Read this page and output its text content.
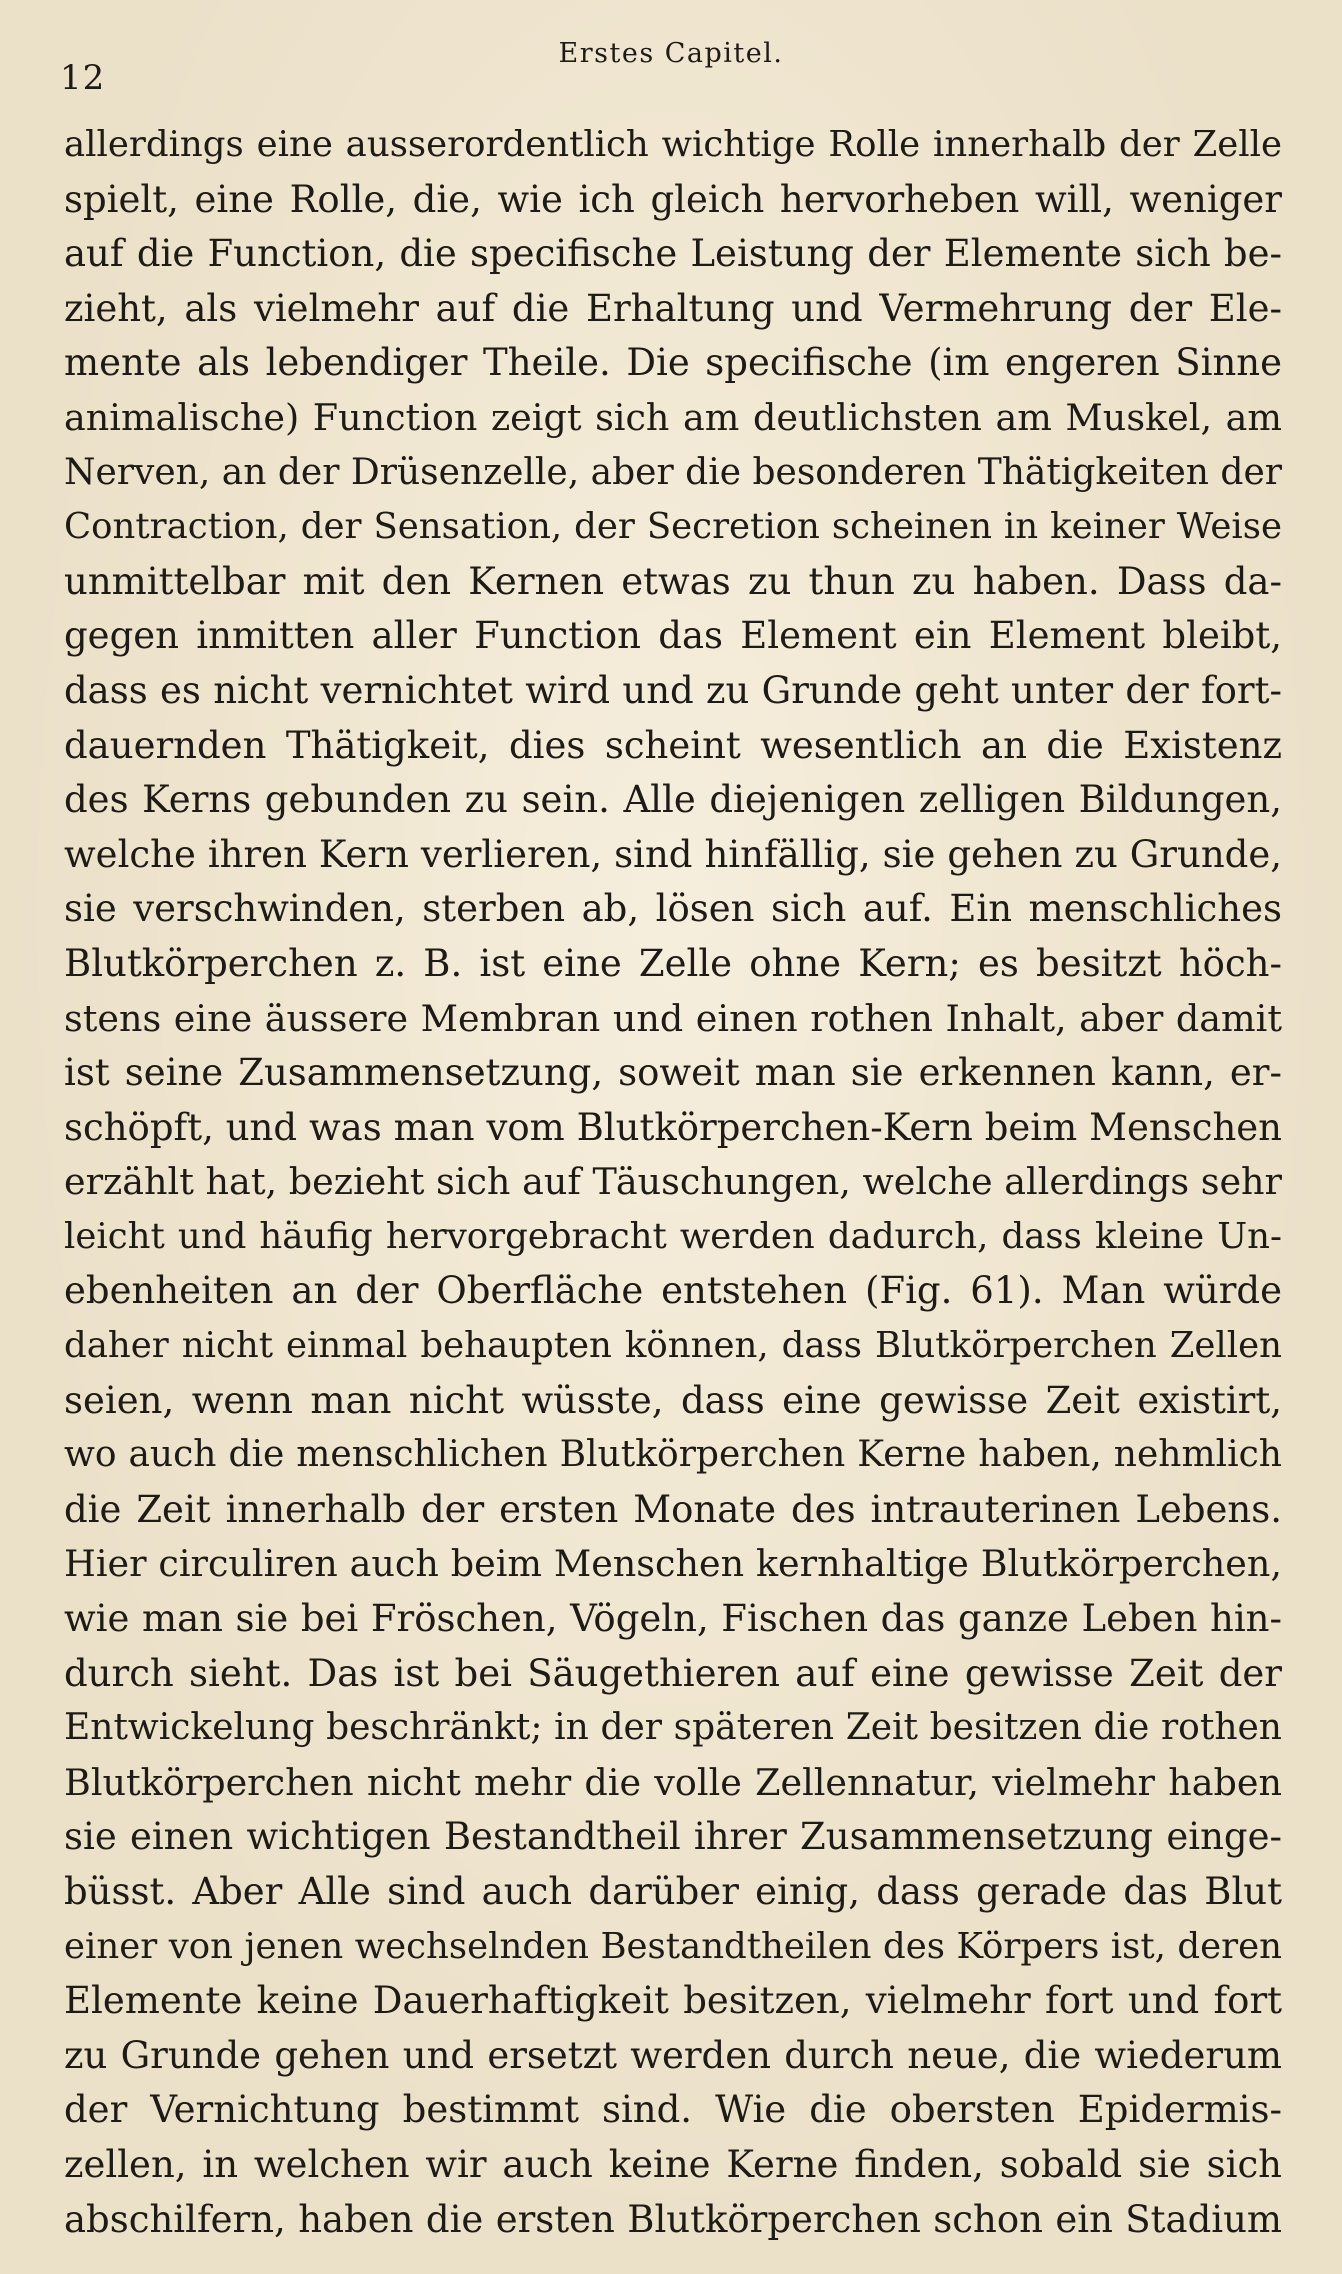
12
Erstes Capitel.
allerdings eine ausserordentlich wichtige Rolle innerhalb der Zelle
spielt, eine Rolle, die, wie ich gleich hervorheben will, weniger
auf die Function, die specifische Leistung der Elemente sich be-
zieht, als vielmehr auf die Erhaltung und Vermehrung der Ele-
mente als lebendiger Theile. Die specifische (im engeren Sinne
animalische) Function zeigt sich am deutlichsten am Muskel, am
Nerven, an der Drüsenzelle, aber die besonderen Thätigkeiten der
Contraction, der Sensation, der Secretion scheinen in keiner Weise
unmittelbar mit den Kernen etwas zu thun zu haben. Dass da-
gegen inmitten aller Function das Element ein Element bleibt,
dass es nicht vernichtet wird und zu Grunde geht unter der fort-
dauernden Thätigkeit, dies scheint wesentlich an die Existenz
des Kerns gebunden zu sein. Alle diejenigen zelligen Bildungen,
welche ihren Kern verlieren, sind hinfällig, sie gehen zu Grunde,
sie verschwinden, sterben ab, lösen sich auf. Ein menschliches
Blutkörperchen z. B. ist eine Zelle ohne Kern; es besitzt höch-
stens eine äussere Membran und einen rothen Inhalt, aber damit
ist seine Zusammensetzung, soweit man sie erkennen kann, er-
schöpft, und was man vom Blutkörperchen-Kern beim Menschen
erzählt hat, bezieht sich auf Täuschungen, welche allerdings sehr
leicht und häufig hervorgebracht werden dadurch, dass kleine Un-
ebenheiten an der Oberfläche entstehen (Fig. 61). Man würde
daher nicht einmal behaupten können, dass Blutkörperchen Zellen
seien, wenn man nicht wüsste, dass eine gewisse Zeit existirt,
wo auch die menschlichen Blutkörperchen Kerne haben, nehmlich
die Zeit innerhalb der ersten Monate des intrauterinen Lebens.
Hier circuliren auch beim Menschen kernhaltige Blutkörperchen,
wie man sie bei Fröschen, Vögeln, Fischen das ganze Leben hin-
durch sieht. Das ist bei Säugethieren auf eine gewisse Zeit der
Entwickelung beschränkt; in der späteren Zeit besitzen die rothen
Blutkörperchen nicht mehr die volle Zellennatur, vielmehr haben
sie einen wichtigen Bestandtheil ihrer Zusammensetzung einge-
büsst. Aber Alle sind auch darüber einig, dass gerade das Blut
einer von jenen wechselnden Bestandtheilen des Körpers ist, deren
Elemente keine Dauerhaftigkeit besitzen, vielmehr fort und fort
zu Grunde gehen und ersetzt werden durch neue, die wiederum
der Vernichtung bestimmt sind. Wie die obersten Epidermis-
zellen, in welchen wir auch keine Kerne finden, sobald sie sich
abschilfern, haben die ersten Blutkörperchen schon ein Stadium
